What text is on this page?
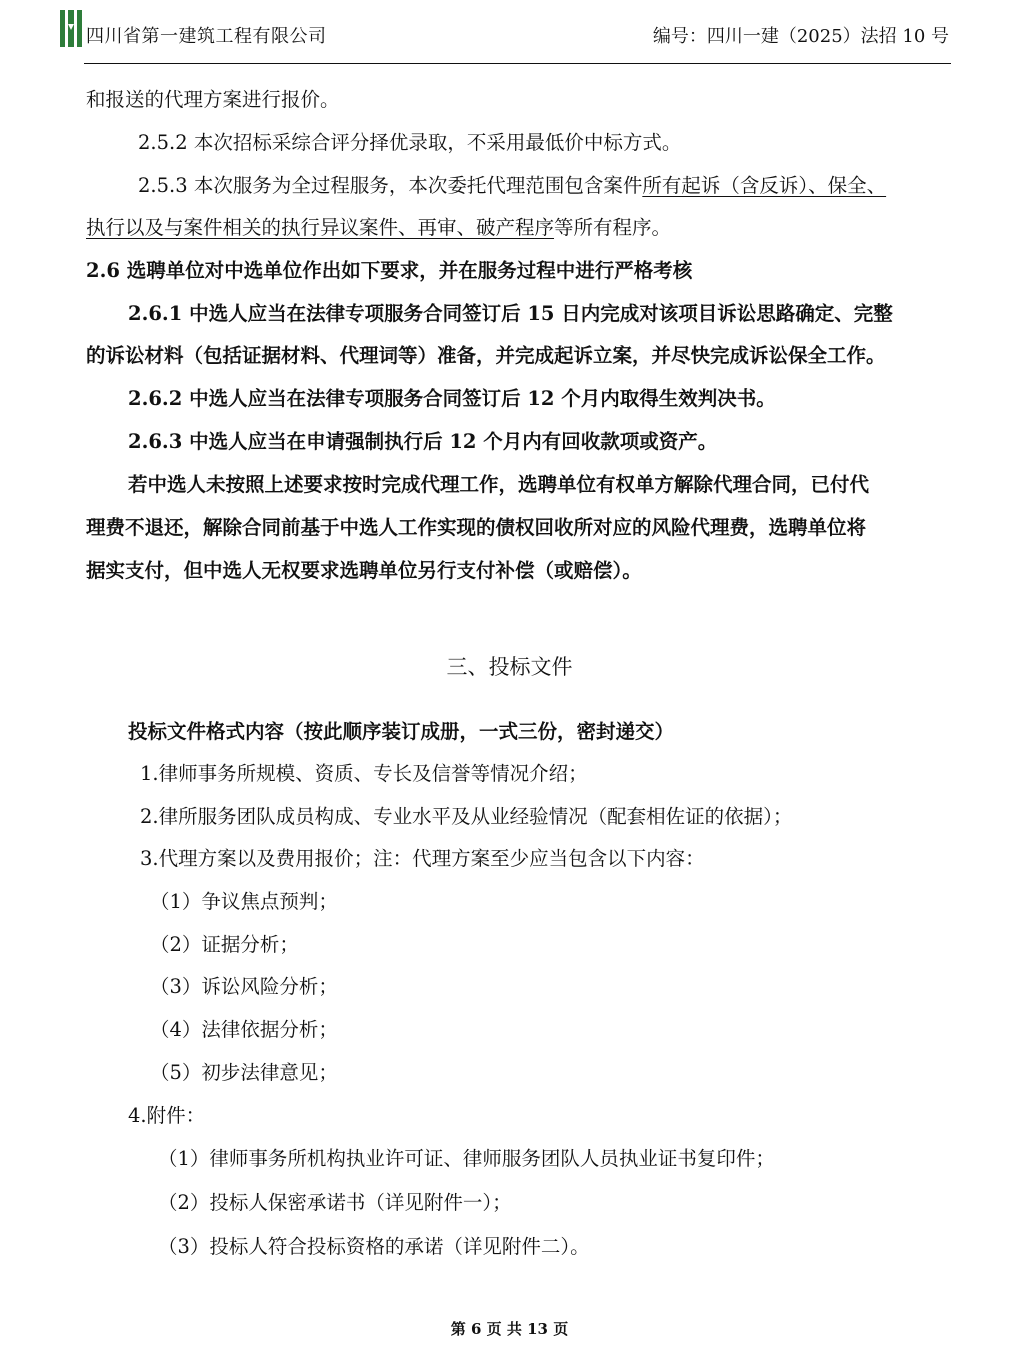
HUASHI 四川省第一建筑工程有限公司	编号：四川一建（2025）法招 10 号
和报送的代理方案进行报价。
2.5.2 本次招标采综合评分择优录取，不采用最低价中标方式。
2.5.3 本次服务为全过程服务，本次委托代理范围包含案件所有起诉（含反诉）、保全、
执行以及与案件相关的执行异议案件、再审、破产程序等所有程序。
2.6 选聘单位对中选单位作出如下要求，并在服务过程中进行严格考核
2.6.1 中选人应当在法律专项服务合同签订后 15 日内完成对该项目诉讼思路确定、完整
的诉讼材料（包括证据材料、代理词等）准备，并完成起诉立案，并尽快完成诉讼保全工作。
2.6.2 中选人应当在法律专项服务合同签订后 12 个月内取得生效判决书。
2.6.3 中选人应当在申请强制执行后 12 个月内有回收款项或资产。
若中选人未按照上述要求按时完成代理工作，选聘单位有权单方解除代理合同，已付代
理费不退还，解除合同前基于中选人工作实现的债权回收所对应的风险代理费，选聘单位将
据实支付，但中选人无权要求选聘单位另行支付补偿（或赔偿）。
三、投标文件
投标文件格式内容（按此顺序装订成册，一式三份，密封递交）
1.律师事务所规模、资质、专长及信誉等情况介绍；
2.律所服务团队成员构成、专业水平及从业经验情况（配套相佐证的依据）；
3.代理方案以及费用报价；注：代理方案至少应当包含以下内容：
（1）争议焦点预判；
（2）证据分析；
（3）诉讼风险分析；
（4）法律依据分析；
（5）初步法律意见；
4.附件：
（1）律师事务所机构执业许可证、律师服务团队人员执业证书复印件；
（2）投标人保密承诺书（详见附件一）；
（3）投标人符合投标资格的承诺（详见附件二）。
第 6 页 共 13 页
